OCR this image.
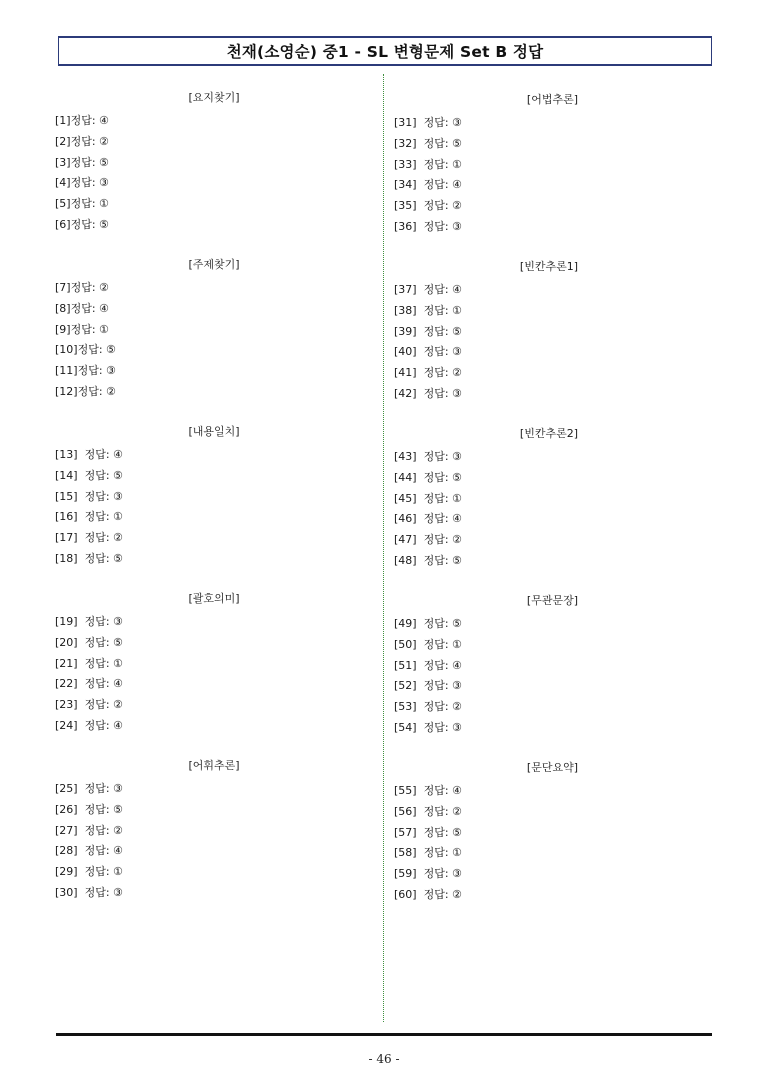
천재(소영순) 중1 - SL 변형문제 Set B 정답
[요지찾기]
[1]정답: ④
[2]정답: ②
[3]정답: ⑤
[4]정답: ③
[5]정답: ①
[6]정답: ⑤
[주제찾기]
[7]정답: ②
[8]정답: ④
[9]정답: ①
[10]정답: ⑤
[11]정답: ③
[12]정답: ②
[내용일치]
[13]  정답: ④
[14]  정답: ⑤
[15]  정답: ③
[16]  정답: ①
[17]  정답: ②
[18]  정답: ⑤
[괄호의미]
[19]  정답: ③
[20]  정답: ⑤
[21]  정답: ①
[22]  정답: ④
[23]  정답: ②
[24]  정답: ④
[어휘추론]
[25]  정답: ③
[26]  정답: ⑤
[27]  정답: ②
[28]  정답: ④
[29]  정답: ①
[30]  정답: ③
[어법추론]
[31]  정답: ③
[32]  정답: ⑤
[33]  정답: ①
[34]  정답: ④
[35]  정답: ②
[36]  정답: ③
[빈칸추론1]
[37]  정답: ④
[38]  정답: ①
[39]  정답: ⑤
[40]  정답: ③
[41]  정답: ②
[42]  정답: ③
[빈칸추론2]
[43]  정답: ③
[44]  정답: ⑤
[45]  정답: ①
[46]  정답: ④
[47]  정답: ②
[48]  정답: ⑤
[무관문장]
[49]  정답: ⑤
[50]  정답: ①
[51]  정답: ④
[52]  정답: ③
[53]  정답: ②
[54]  정답: ③
[문단요약]
[55]  정답: ④
[56]  정답: ②
[57]  정답: ⑤
[58]  정답: ①
[59]  정답: ③
[60]  정답: ②
- 46 -
